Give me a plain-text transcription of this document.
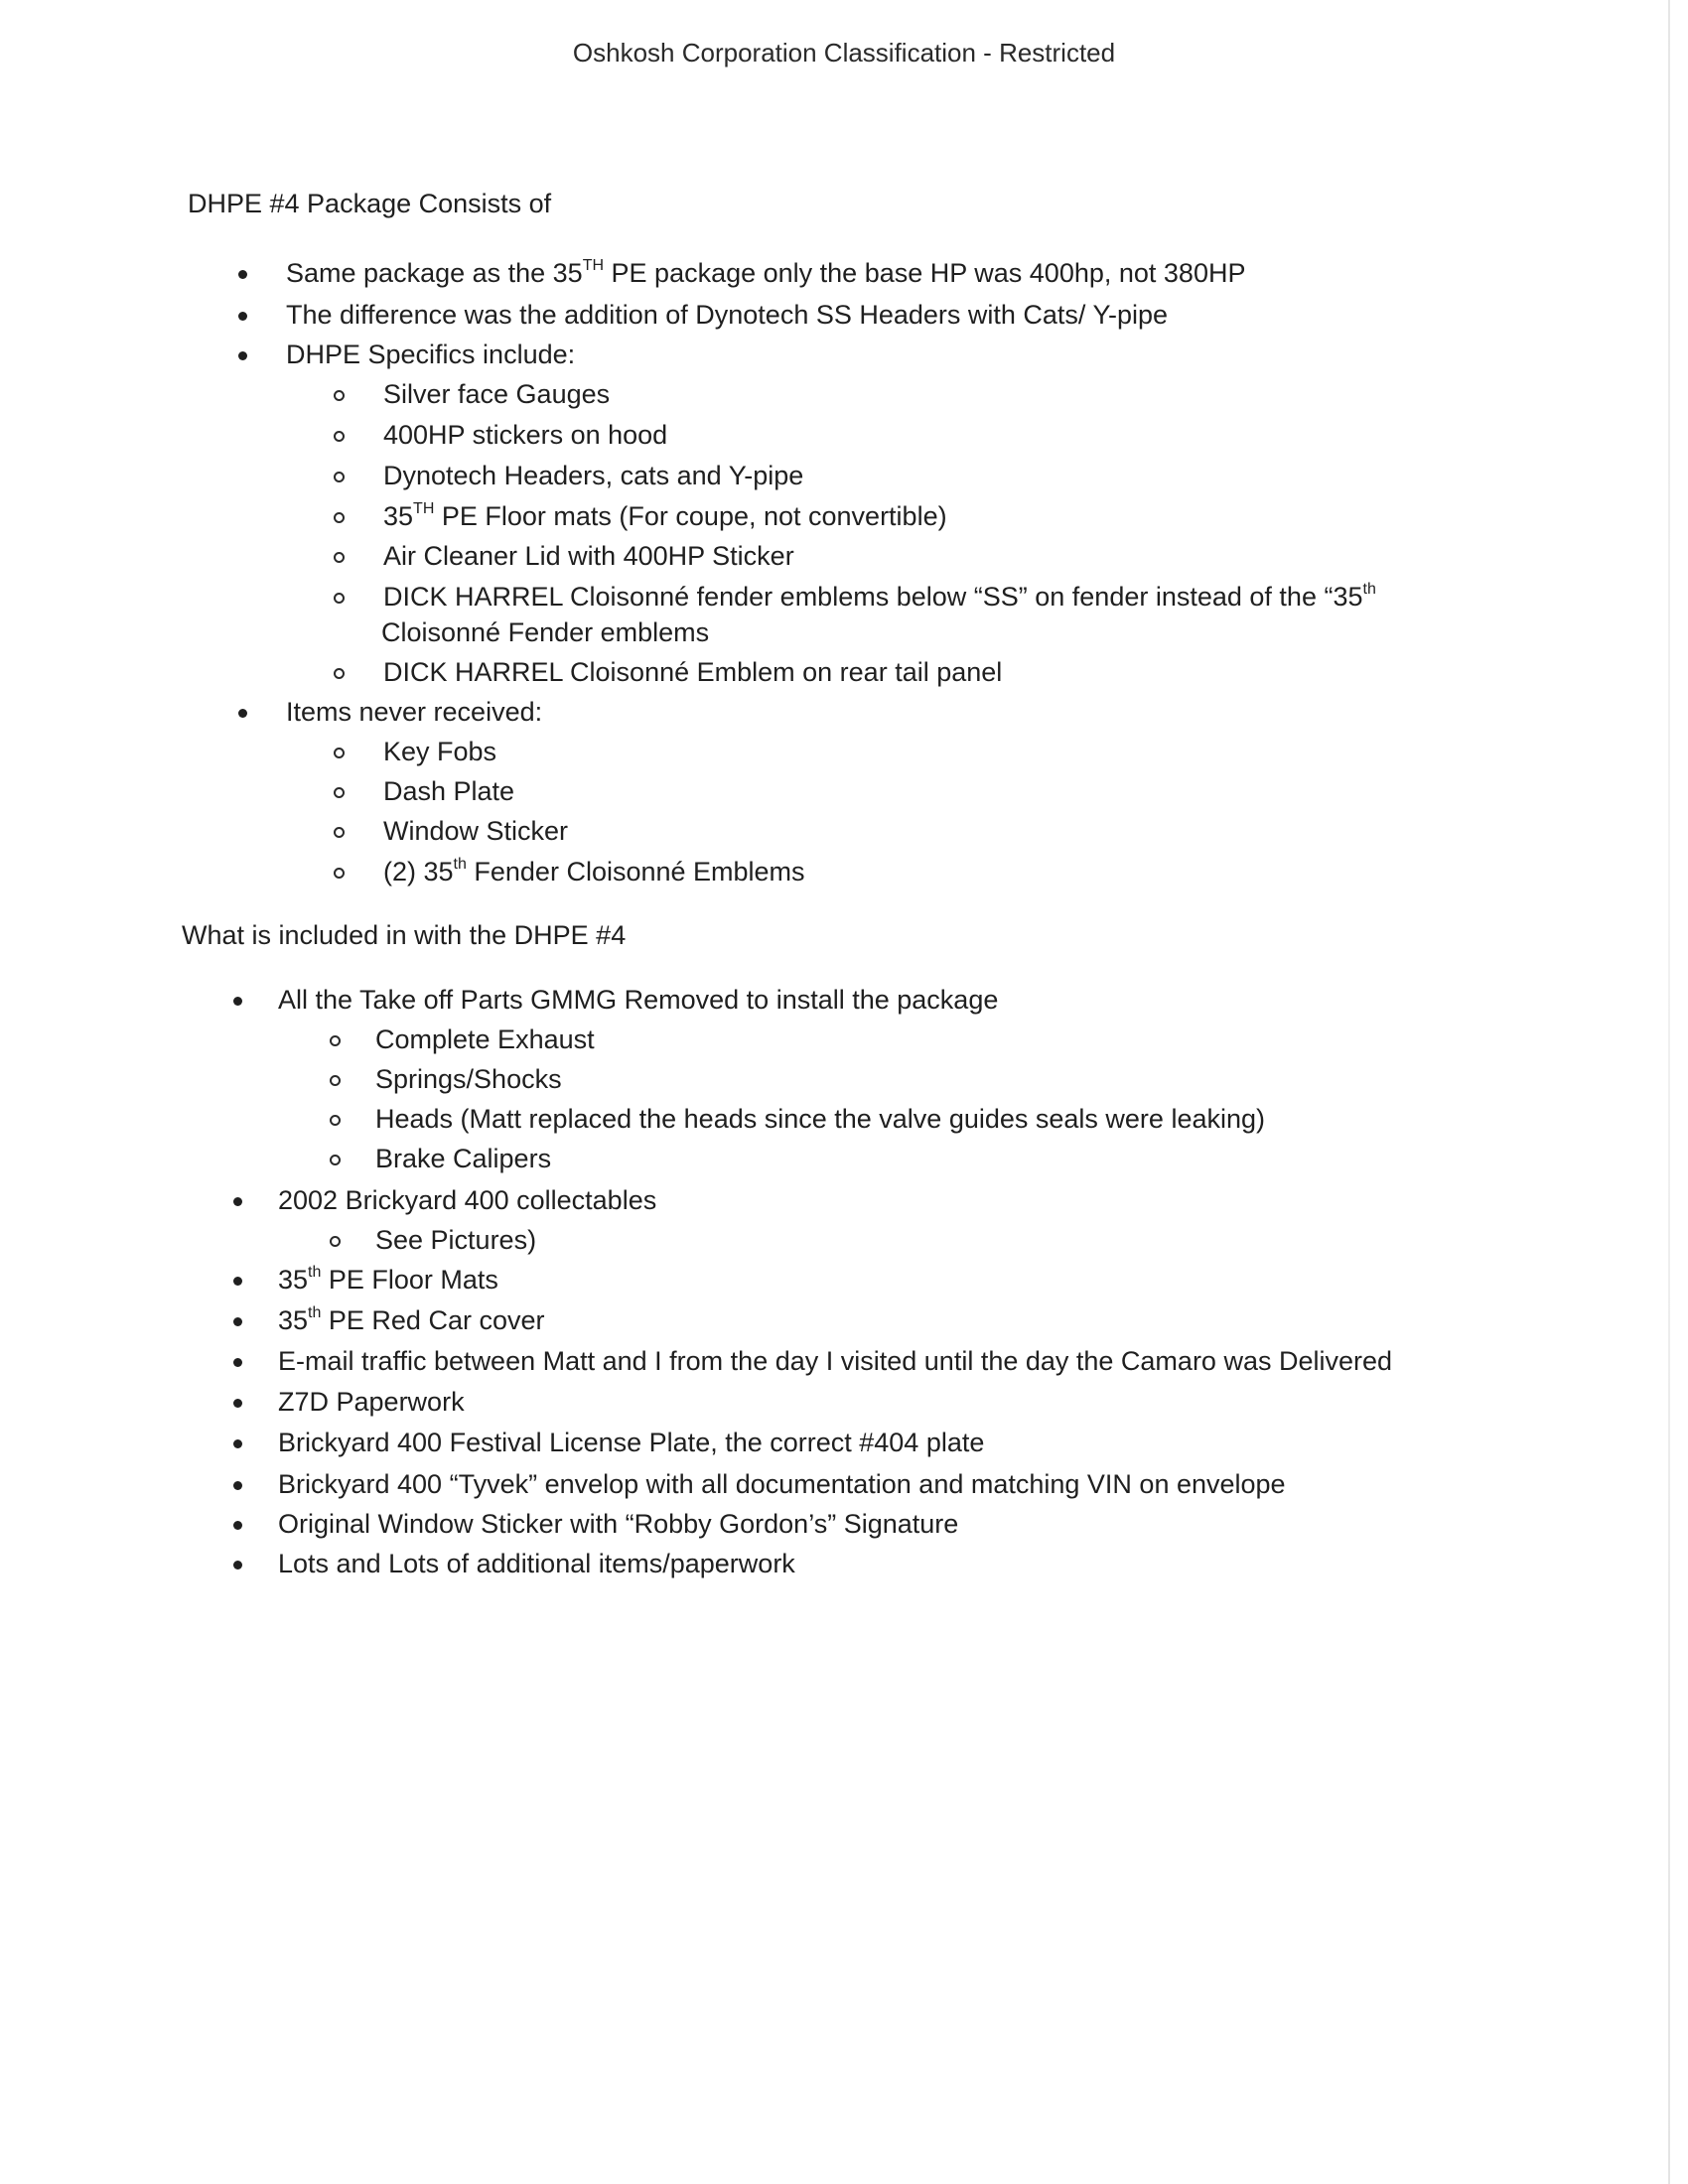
Oshkosh Corporation Classification - Restricted
DHPE #4 Package Consists of
Same package as the 35TH PE package only the base HP was 400hp, not 380HP
The difference was the addition of Dynotech SS Headers with Cats/ Y-pipe
DHPE Specifics include:
Silver face Gauges
400HP stickers on hood
Dynotech Headers, cats and Y-pipe
35TH PE Floor mats (For coupe, not convertible)
Air Cleaner Lid with 400HP Sticker
DICK HARREL Cloisonné fender emblems below “SS” on fender instead of the “35th
Cloisonné Fender emblems
DICK HARREL Cloisonné Emblem on rear tail panel
Items never received:
Key Fobs
Dash Plate
Window Sticker
(2) 35th Fender Cloisonné Emblems
What is included in with the DHPE #4
All the Take off Parts GMMG Removed to install the package
Complete Exhaust
Springs/Shocks
Heads (Matt replaced the heads since the valve guides seals were leaking)
Brake Calipers
2002 Brickyard 400 collectables
See Pictures)
35th PE Floor Mats
35th PE Red Car cover
E-mail traffic between Matt and I from the day I visited until the day the Camaro was Delivered
Z7D Paperwork
Brickyard 400 Festival License Plate, the correct #404 plate
Brickyard 400 “Tyvek” envelop with all documentation and matching VIN on envelope
Original Window Sticker with “Robby Gordon’s” Signature
Lots and Lots of additional items/paperwork
